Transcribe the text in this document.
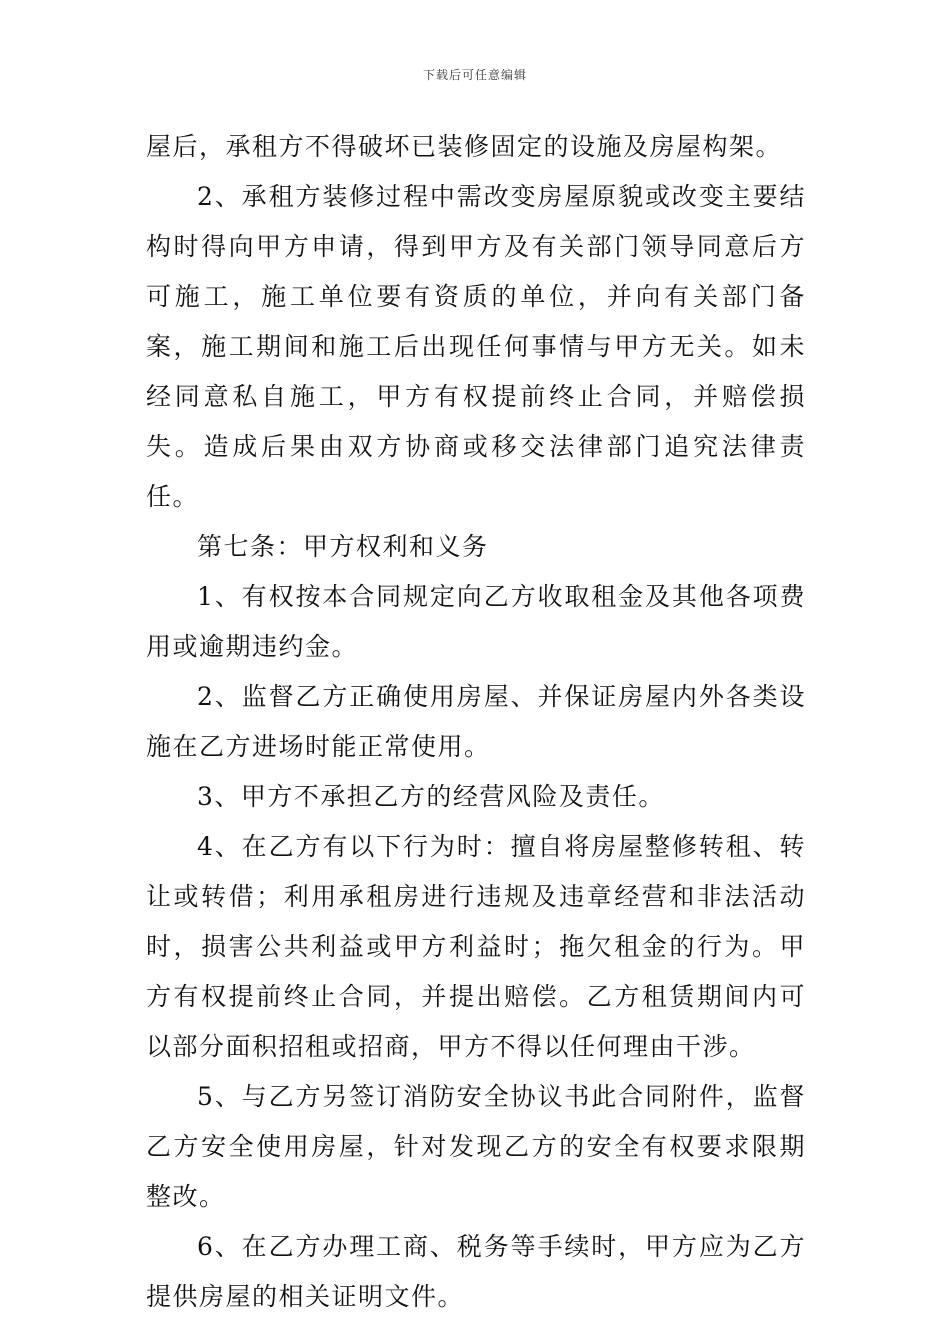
下载后可任意编辑

屋后，承租方不得破坏已装修固定的设施及房屋构架。

2、承租方装修过程中需改变房屋原貌或改变主要结构时得向甲方申请，得到甲方及有关部门领导同意后方可施工，施工单位要有资质的单位，并向有关部门备案，施工期间和施工后出现任何事情与甲方无关。如未经同意私自施工，甲方有权提前终止合同，并赔偿损失。造成后果由双方协商或移交法律部门追究法律责任。

第七条：甲方权利和义务

1、有权按本合同规定向乙方收取租金及其他各项费用或逾期违约金。

2、监督乙方正确使用房屋、并保证房屋内外各类设施在乙方进场时能正常使用。

3、甲方不承担乙方的经营风险及责任。

4、在乙方有以下行为时：擅自将房屋整修转租、转让或转借；利用承租房进行违规及违章经营和非法活动时，损害公共利益或甲方利益时；拖欠租金的行为。甲方有权提前终止合同，并提出赔偿。乙方租赁期间内可以部分面积招租或招商，甲方不得以任何理由干涉。

5、与乙方另签订消防安全协议书此合同附件，监督乙方安全使用房屋，针对发现乙方的安全有权要求限期整改。

6、在乙方办理工商、税务等手续时，甲方应为乙方提供房屋的相关证明文件。
